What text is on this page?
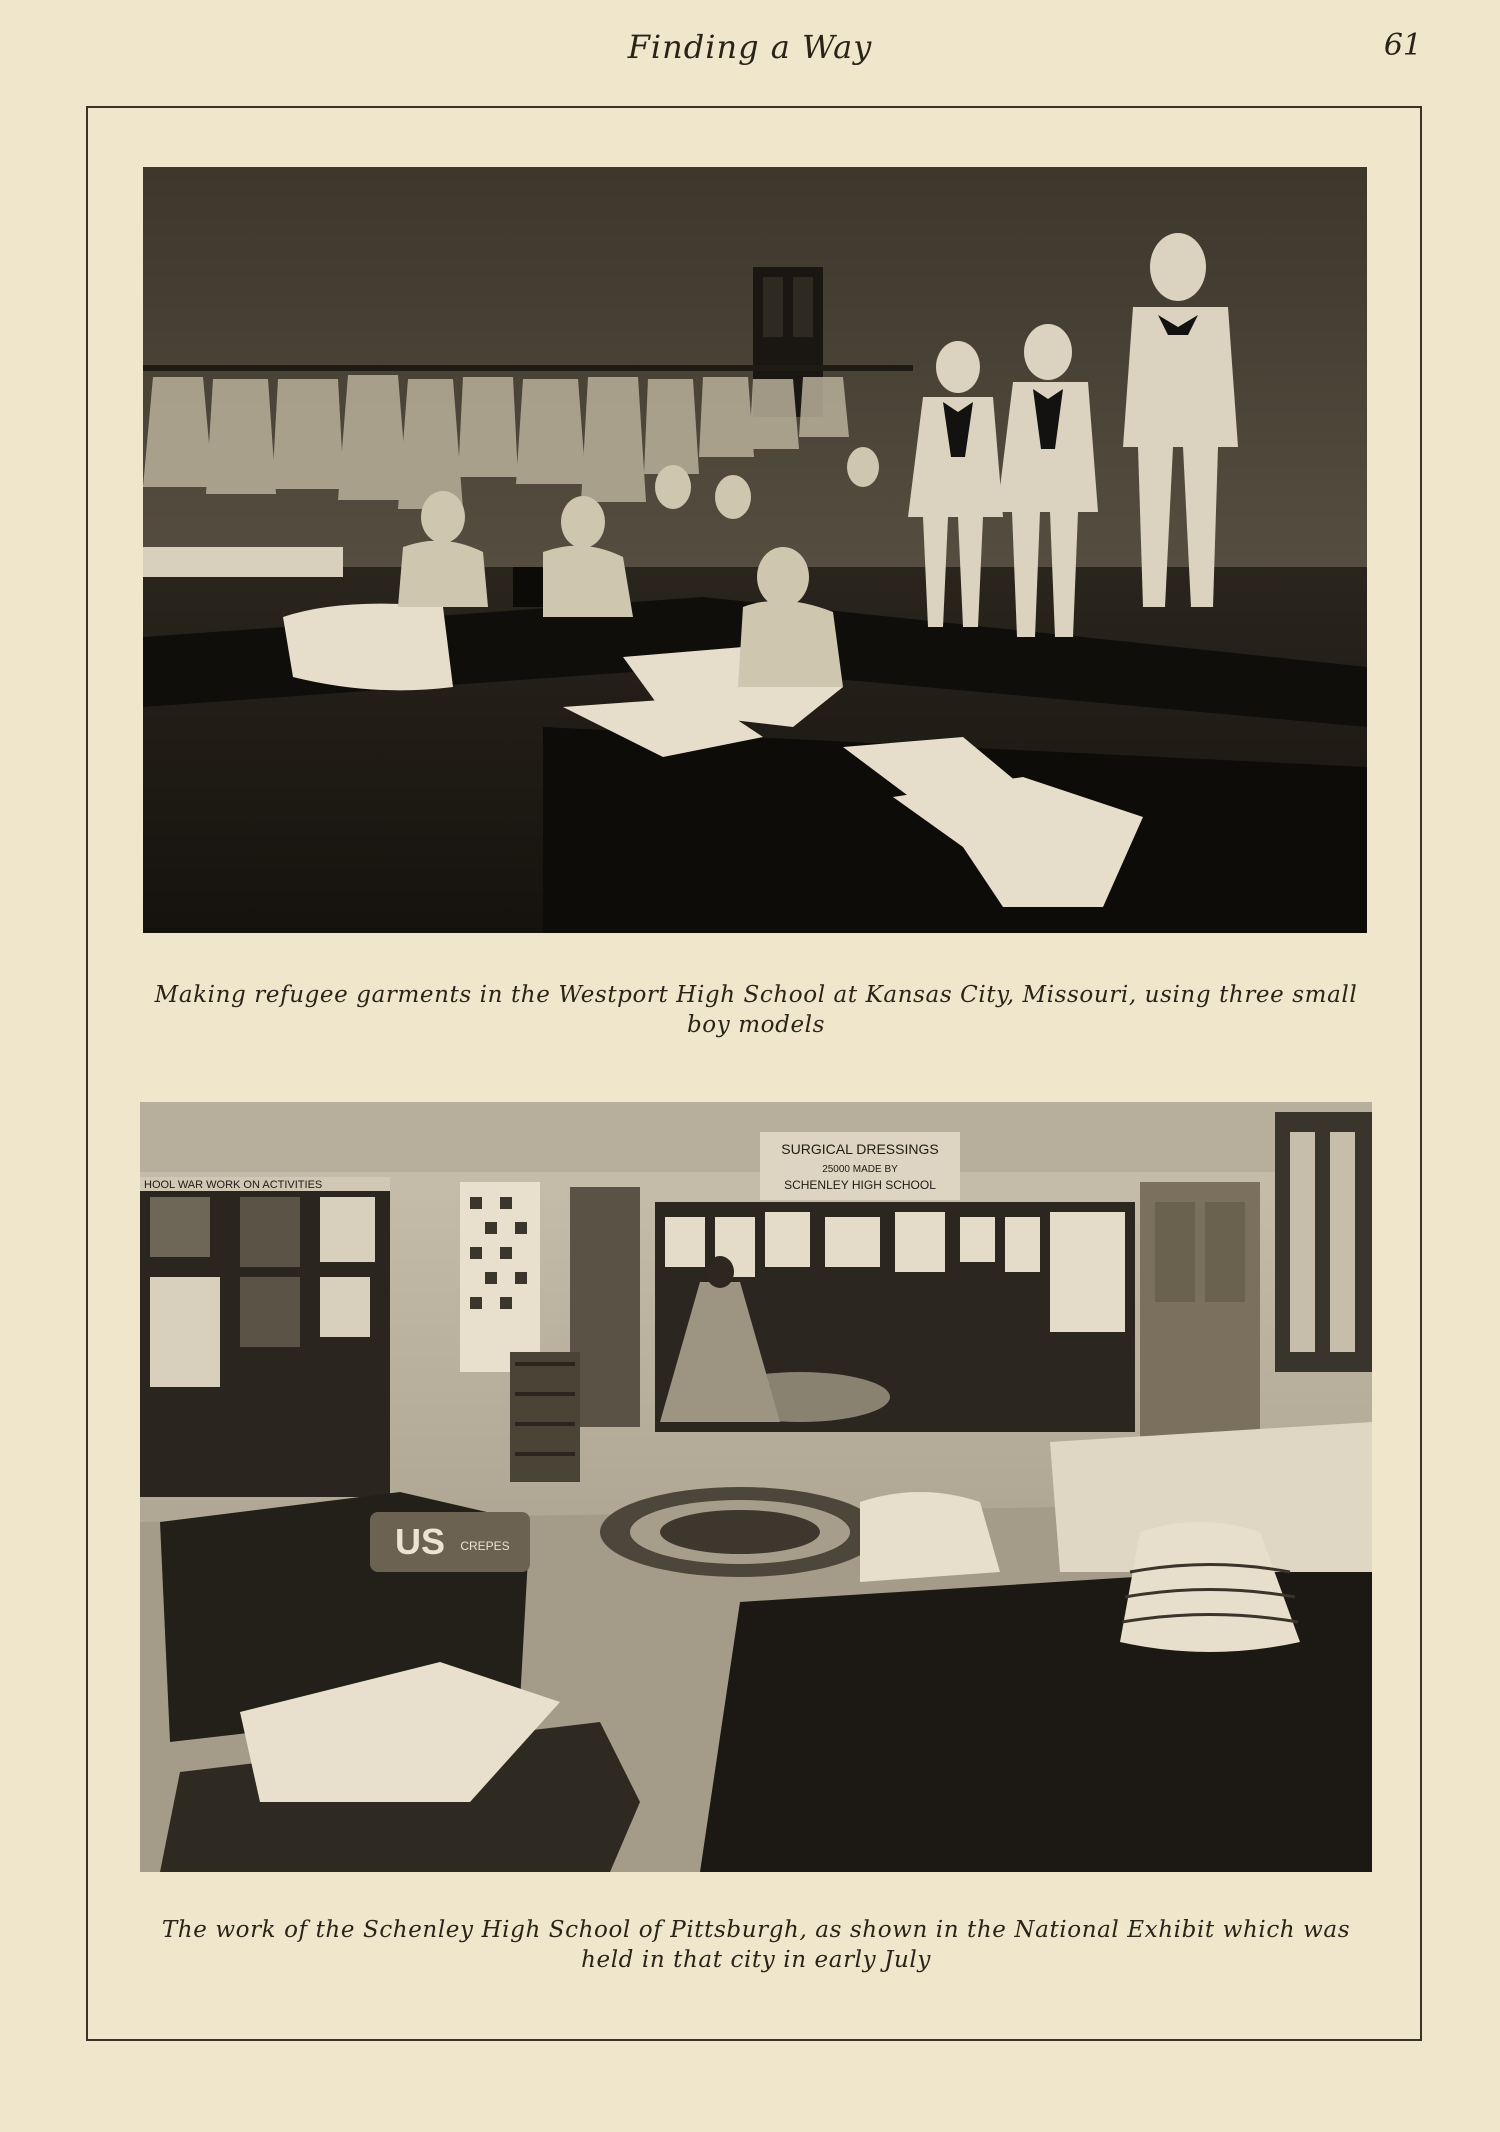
Finding a Way	61
Making refugee garments in the Westport High School at Kansas City, Missouri, using three small boy models
HOOL WAR WORK ON ACTIVITIES
SURGICAL DRESSINGS
25000 MADE BY
SCHENLEY HIGH SCHOOL
US CREPES
The work of the Schenley High School of Pittsburgh, as shown in the National Exhibit which was held in that city in early July
